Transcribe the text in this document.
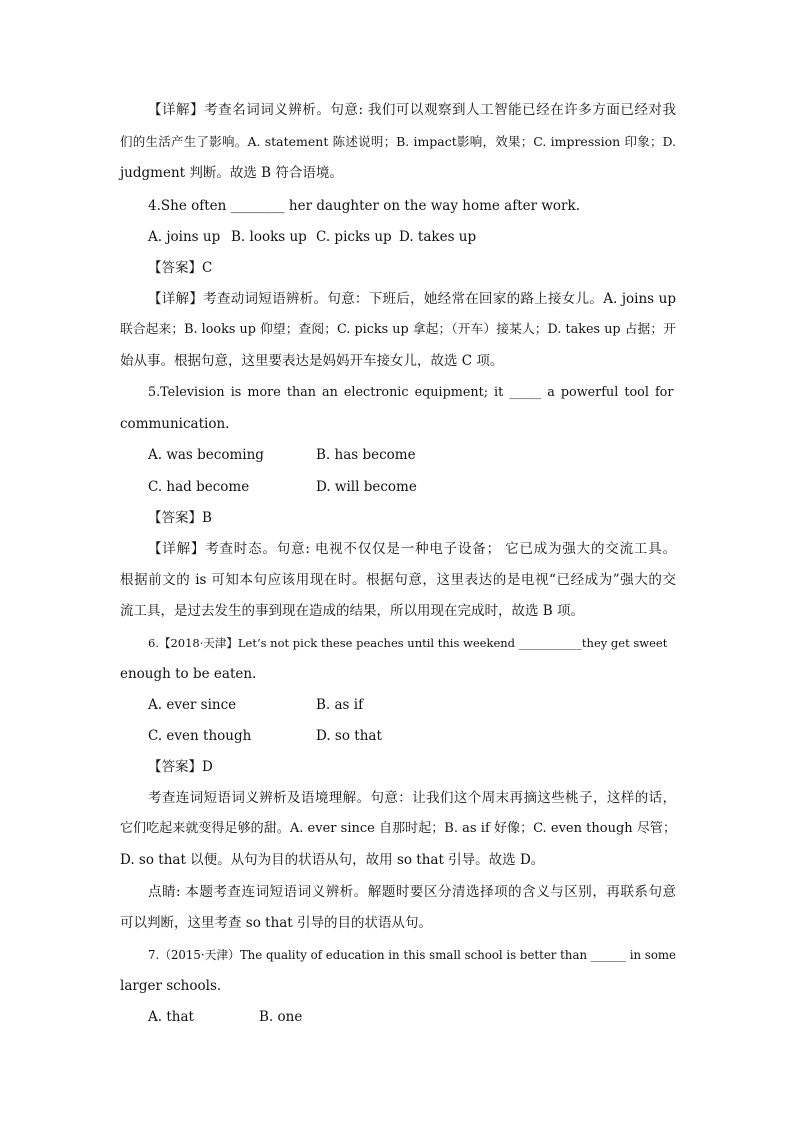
【详解】考查名词词义辨析。句意: 我们可以观察到人工智能已经在许多方面已经对我
们的生活产生了影响。A. statement 陈述说明；B. impact影响，效果；C. impression 印象；D.
judgment 判断。故选 B 符合语境。
4.She often ________ her daughter on the way home after work.
A. joins up B. looks up C. picks up D. takes up
【答案】C
【详解】考查动词短语辨析。句意：下班后，她经常在回家的路上接女儿。A. joins up
联合起来；B. looks up 仰望；查阅；C. picks up 拿起；（开车）接某人；D. takes up 占据；开
始从事。根据句意，这里要表达是妈妈开车接女儿，故选 C 项。
5.Television is more than an electronic equipment; it _____ a powerful tool for
communication.
A. was becoming	B. has become
C. had become	D. will become
【答案】B
【详解】考查时态。句意: 电视不仅仅是一种电子设备； 它已成为强大的交流工具。
根据前文的 is 可知本句应该用现在时。根据句意，这里表达的是电视“已经成为”强大的交
流工具，是过去发生的事到现在造成的结果，所以用现在完成时，故选 B 项。
6.【2018·天津】Let’s not pick these peaches until this weekend ___________they get sweet
enough to be eaten.
A. ever since	B. as if
C. even though	D. so that
【答案】D
考查连词短语词义辨析及语境理解。句意：让我们这个周末再摘这些桃子，这样的话，
它们吃起来就变得足够的甜。A. ever since 自那时起；B. as if 好像；C. even though 尽管；
D. so that 以便。从句为目的状语从句，故用 so that 引导。故选 D。
点睛: 本题考查连词短语词义辨析。解题时要区分清选择项的含义与区别，再联系句意
可以判断，这里考查 so that 引导的目的状语从句。
7.（2015·天津）The quality of education in this small school is better than ______ in some
larger schools.
A. that	B. one
